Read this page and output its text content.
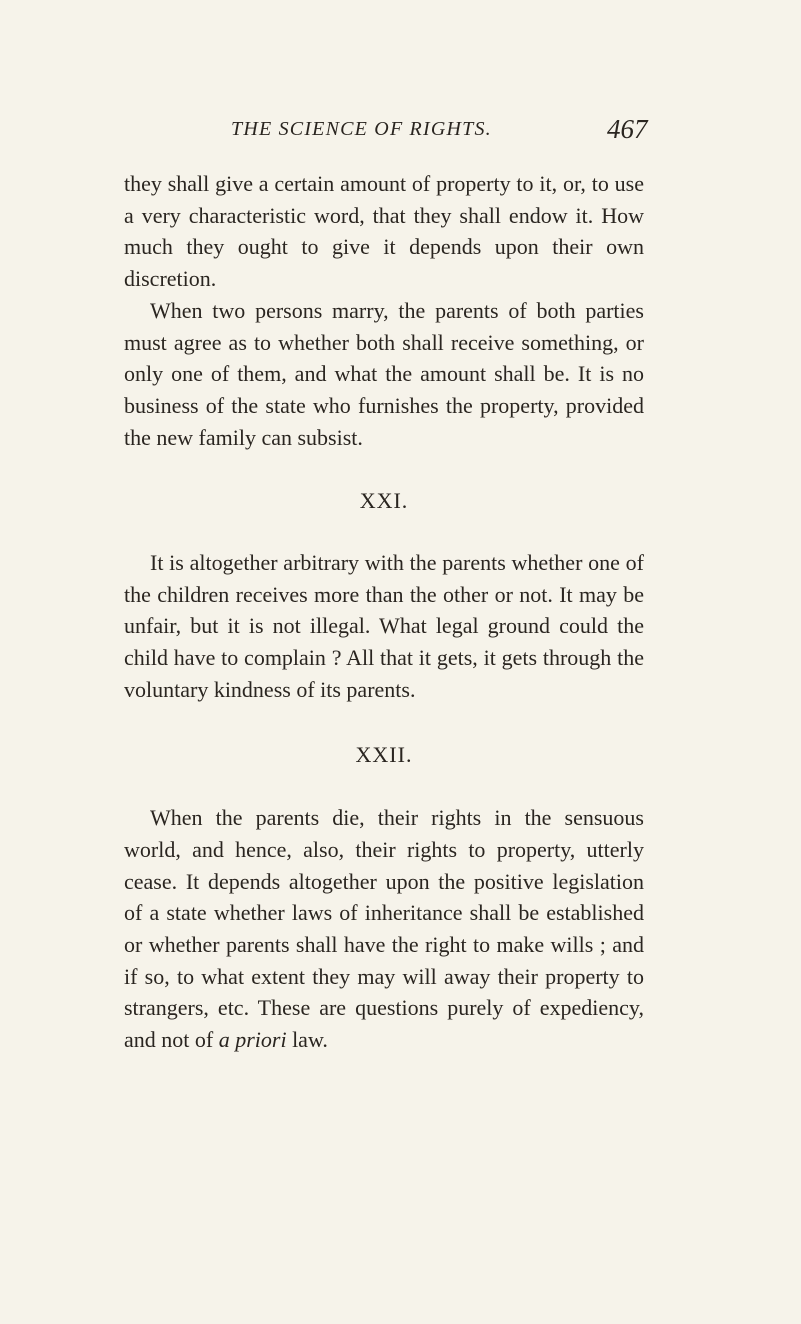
THE SCIENCE OF RIGHTS.	467

they shall give a certain amount of property to it, or, to use a very characteristic word, that they shall endow it. How much they ought to give it depends upon their own discretion.

When two persons marry, the parents of both parties must agree as to whether both shall receive something, or only one of them, and what the amount shall be. It is no business of the state who furnishes the property, provided the new family can subsist.

XXI.

It is altogether arbitrary with the parents whether one of the children receives more than the other or not. It may be unfair, but it is not illegal. What legal ground could the child have to complain ? All that it gets, it gets through the voluntary kindness of its parents.

XXII.

When the parents die, their rights in the sensuous world, and hence, also, their rights to property, utterly cease. It depends altogether upon the positive legislation of a state whether laws of inheritance shall be established or whether parents shall have the right to make wills ; and if so, to what extent they may will away their property to strangers, etc. These are questions purely of expediency, and not of a priori law.
